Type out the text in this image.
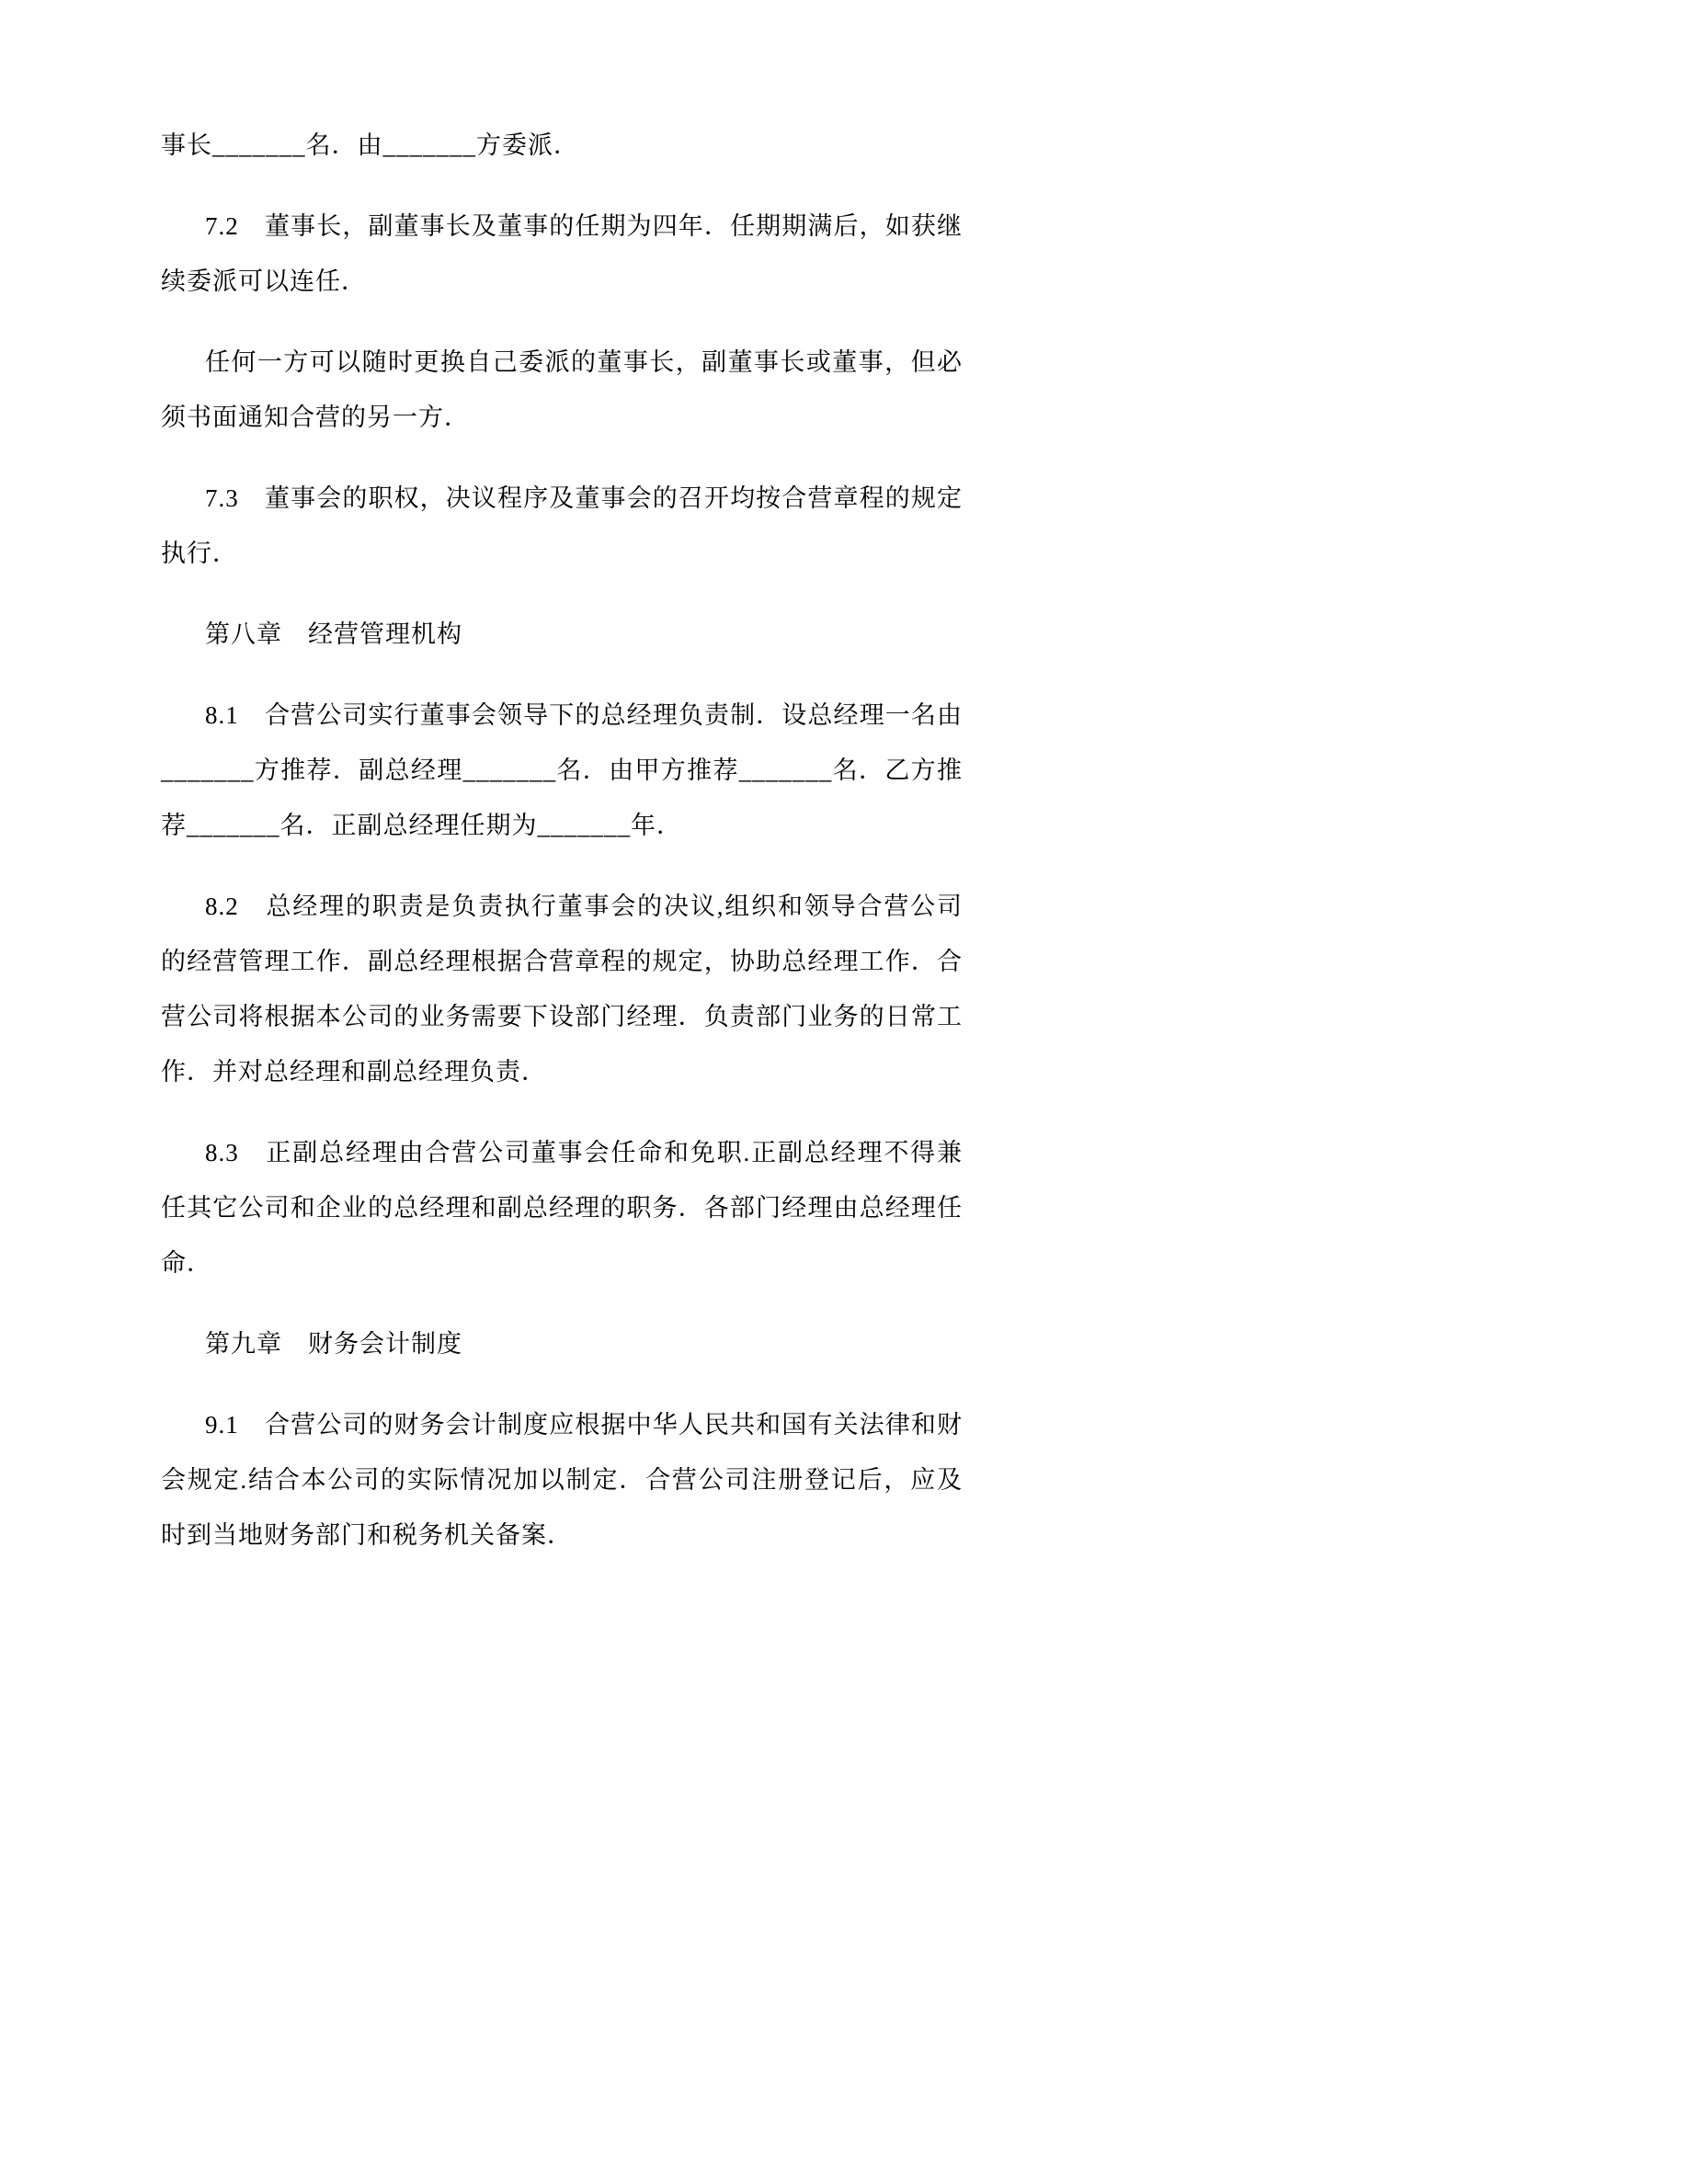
事长_______名．由_______方委派．

7.2　董事长，副董事长及董事的任期为四年．任期期满后，如获继续委派可以连任．

任何一方可以随时更换自己委派的董事长，副董事长或董事，但必须书面通知合营的另一方．

7.3　董事会的职权，决议程序及董事会的召开均按合营章程的规定执行．

第八章　经营管理机构

8.1　合营公司实行董事会领导下的总经理负责制．设总经理一名由_______方推荐．副总经理_______名．由甲方推荐_______名．乙方推荐_______名．正副总经理任期为_______年．

8.2　总经理的职责是负责执行董事会的决议,组织和领导合营公司的经营管理工作．副总经理根据合营章程的规定，协助总经理工作．合营公司将根据本公司的业务需要下设部门经理．负责部门业务的日常工作．并对总经理和副总经理负责．

8.3　正副总经理由合营公司董事会任命和免职.正副总经理不得兼任其它公司和企业的总经理和副总经理的职务．各部门经理由总经理任命．

第九章　财务会计制度

9.1　合营公司的财务会计制度应根据中华人民共和国有关法律和财会规定.结合本公司的实际情况加以制定．合营公司注册登记后，应及时到当地财务部门和税务机关备案．
